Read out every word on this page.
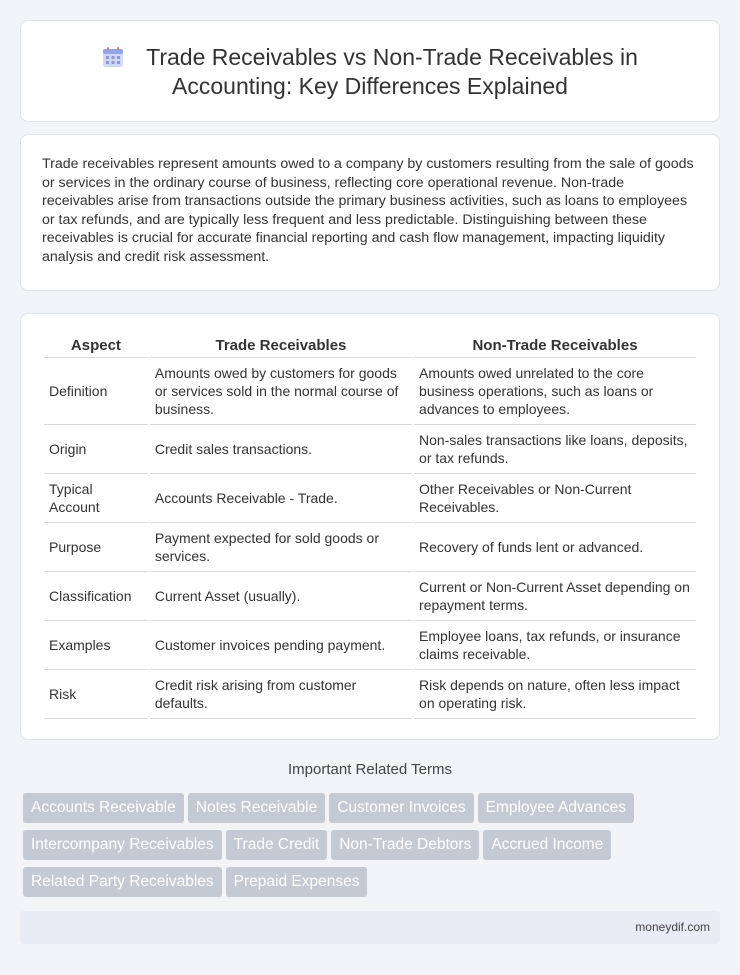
Trade Receivables vs Non-Trade Receivables in
Accounting: Key Differences Explained

Trade receivables represent amounts owed to a company by customers resulting from the sale of goods or services in the ordinary course of business, reflecting core operational revenue. Non-trade receivables arise from transactions outside the primary business activities, such as loans to employees or tax refunds, and are typically less frequent and less predictable. Distinguishing between these receivables is crucial for accurate financial reporting and cash flow management, impacting liquidity analysis and credit risk assessment.

Aspect	Trade Receivables	Non-Trade Receivables
Definition	Amounts owed by customers for goods or services sold in the normal course of business.	Amounts owed unrelated to the core business operations, such as loans or advances to employees.
Origin	Credit sales transactions.	Non-sales transactions like loans, deposits, or tax refunds.
Typical Account	Accounts Receivable - Trade.	Other Receivables or Non-Current Receivables.
Purpose	Payment expected for sold goods or services.	Recovery of funds lent or advanced.
Classification	Current Asset (usually).	Current or Non-Current Asset depending on repayment terms.
Examples	Customer invoices pending payment.	Employee loans, tax refunds, or insurance claims receivable.
Risk	Credit risk arising from customer defaults.	Risk depends on nature, often less impact on operating risk.
Important Related Terms
Accounts Receivable Notes Receivable Customer Invoices Employee AdvancesIntercompany Receivables Trade Credit Non-Trade Debtors Accrued IncomeRelated Party Receivables Prepaid Expenses
moneydif.com
